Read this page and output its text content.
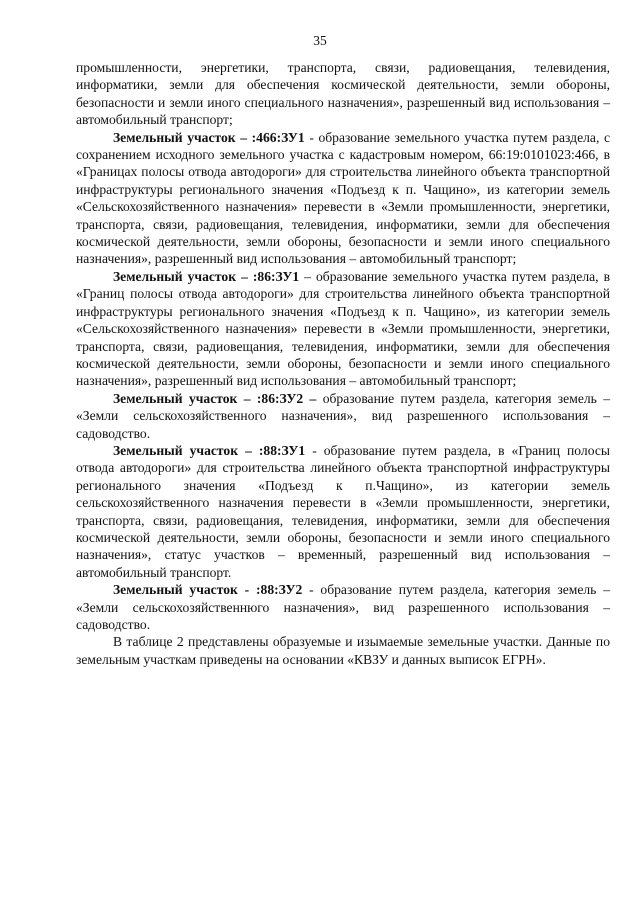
35

промышленности, энергетики, транспорта, связи, радиовещания, телевидения, информатики, земли для обеспечения космической деятельности, земли обороны, безопасности и земли иного специального назначения», разрешенный вид использования – автомобильный транспорт;

Земельный участок – :466:ЗУ1 - образование земельного участка путем раздела, с сохранением исходного земельного участка с кадастровым номером, 66:19:0101023:466, в «Границах полосы отвода автодороги» для строительства линейного объекта транспортной инфраструктуры регионального значения «Подъезд к п. Чащино», из категории земель «Сельскохозяйственного назначения» перевести в «Земли промышленности, энергетики, транспорта, связи, радиовещания, телевидения, информатики, земли для обеспечения космической деятельности, земли обороны, безопасности и земли иного специального назначения», разрешенный вид использования – автомобильный транспорт;

Земельный участок – :86:ЗУ1 – образование земельного участка путем раздела, в «Границ полосы отвода автодороги» для строительства линейного объекта транспортной инфраструктуры регионального значения «Подъезд к п. Чащино», из категории земель «Сельскохозяйственного назначения» перевести в «Земли промышленности, энергетики, транспорта, связи, радиовещания, телевидения, информатики, земли для обеспечения космической деятельности, земли обороны, безопасности и земли иного специального назначения», разрешенный вид использования – автомобильный транспорт;

Земельный участок – :86:ЗУ2 – образование путем раздела, категория земель – «Земли сельскохозяйственного назначения», вид разрешенного использования – садоводство.

Земельный участок – :88:ЗУ1 - образование путем раздела, в «Границ полосы отвода автодороги» для строительства линейного объекта транспортной инфраструктуры регионального значения «Подъезд к п.Чащино», из категории земель сельскохозяйственного назначения перевести в «Земли промышленности, энергетики, транспорта, связи, радиовещания, телевидения, информатики, земли для обеспечения космической деятельности, земли обороны, безопасности и земли иного специального назначения», статус участков – временный, разрешенный вид использования – автомобильный транспорт.

Земельный участок - :88:ЗУ2 - образование путем раздела, категория земель – «Земли сельскохозяйственнюго назначения», вид разрешенного использования – садоводство.

В таблице 2 представлены образуемые и изымаемые земельные участки. Данные по земельным участкам приведены на основании «КВЗУ и данных выписок ЕГРН».
